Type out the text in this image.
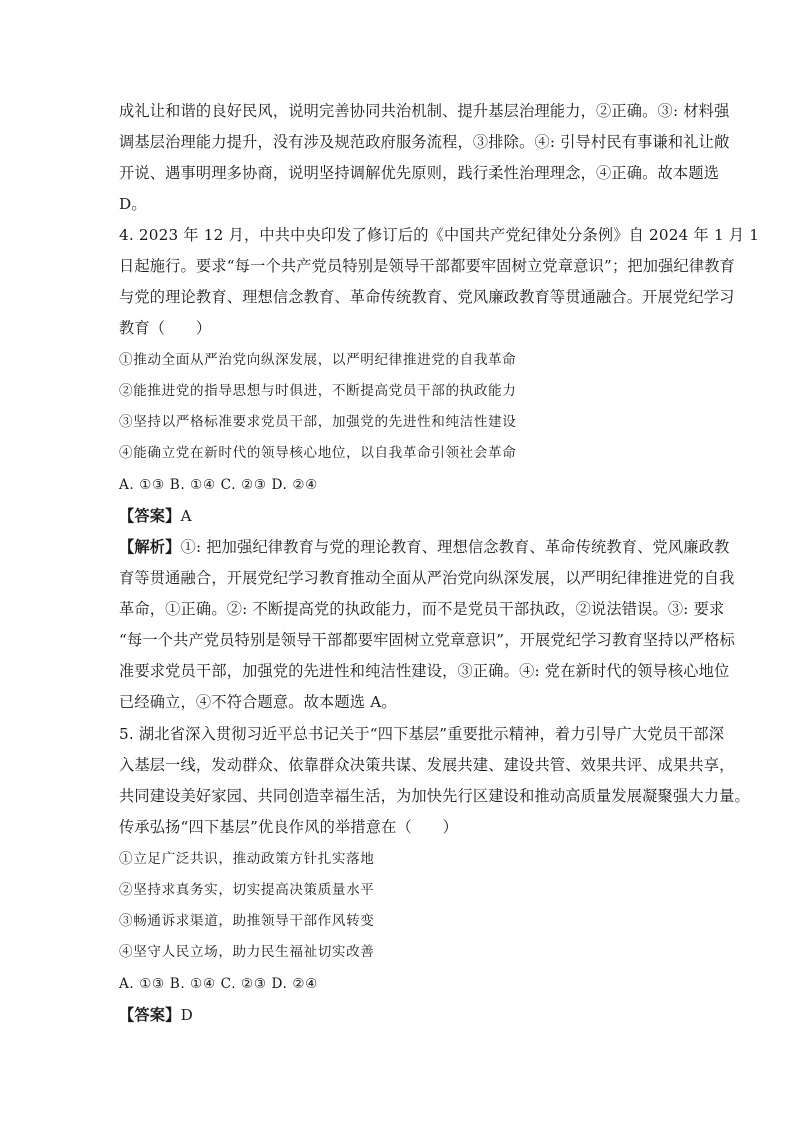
成礼让和谐的良好民风，说明完善协同共治机制、提升基层治理能力，②正确。③: 材料强
调基层治理能力提升，没有涉及规范政府服务流程，③排除。④: 引导村民有事谦和礼让敞
开说、遇事明理多协商，说明坚持调解优先原则，践行柔性治理理念，④正确。故本题选
D。
4. 2023 年 12 月，中共中央印发了修订后的《中国共产党纪律处分条例》自 2024 年 1 月 1
日起施行。要求“每一个共产党员特别是领导干部都要牢固树立党章意识”；把加强纪律教育
与党的理论教育、理想信念教育、革命传统教育、党风廉政教育等贯通融合。开展党纪学习
教育（　　）
①推动全面从严治党向纵深发展，以严明纪律推进党的自我革命
②能推进党的指导思想与时俱进，不断提高党员干部的执政能力
③坚持以严格标准要求党员干部，加强党的先进性和纯洁性建设
④能确立党在新时代的领导核心地位，以自我革命引领社会革命
A. ①③ B. ①④ C. ②③ D. ②④
【答案】A
【解析】①: 把加强纪律教育与党的理论教育、理想信念教育、革命传统教育、党风廉政教
育等贯通融合，开展党纪学习教育推动全面从严治党向纵深发展，以严明纪律推进党的自我
革命，①正确。②: 不断提高党的执政能力，而不是党员干部执政，②说法错误。③: 要求
“每一个共产党员特别是领导干部都要牢固树立党章意识”，开展党纪学习教育坚持以严格标
准要求党员干部，加强党的先进性和纯洁性建设，③正确。④: 党在新时代的领导核心地位
已经确立，④不符合题意。故本题选 A。
5. 湖北省深入贯彻习近平总书记关于“四下基层”重要批示精神，着力引导广大党员干部深
入基层一线，发动群众、依靠群众决策共谋、发展共建、建设共管、效果共评、成果共享，
共同建设美好家园、共同创造幸福生活，为加快先行区建设和推动高质量发展凝聚强大力量。
传承弘扬“四下基层”优良作风的举措意在（　　）
①立足广泛共识，推动政策方针扎实落地
②坚持求真务实，切实提高决策质量水平
③畅通诉求渠道，助推领导干部作风转变
④坚守人民立场，助力民生福祉切实改善
A. ①③ B. ①④ C. ②③ D. ②④
【答案】D
